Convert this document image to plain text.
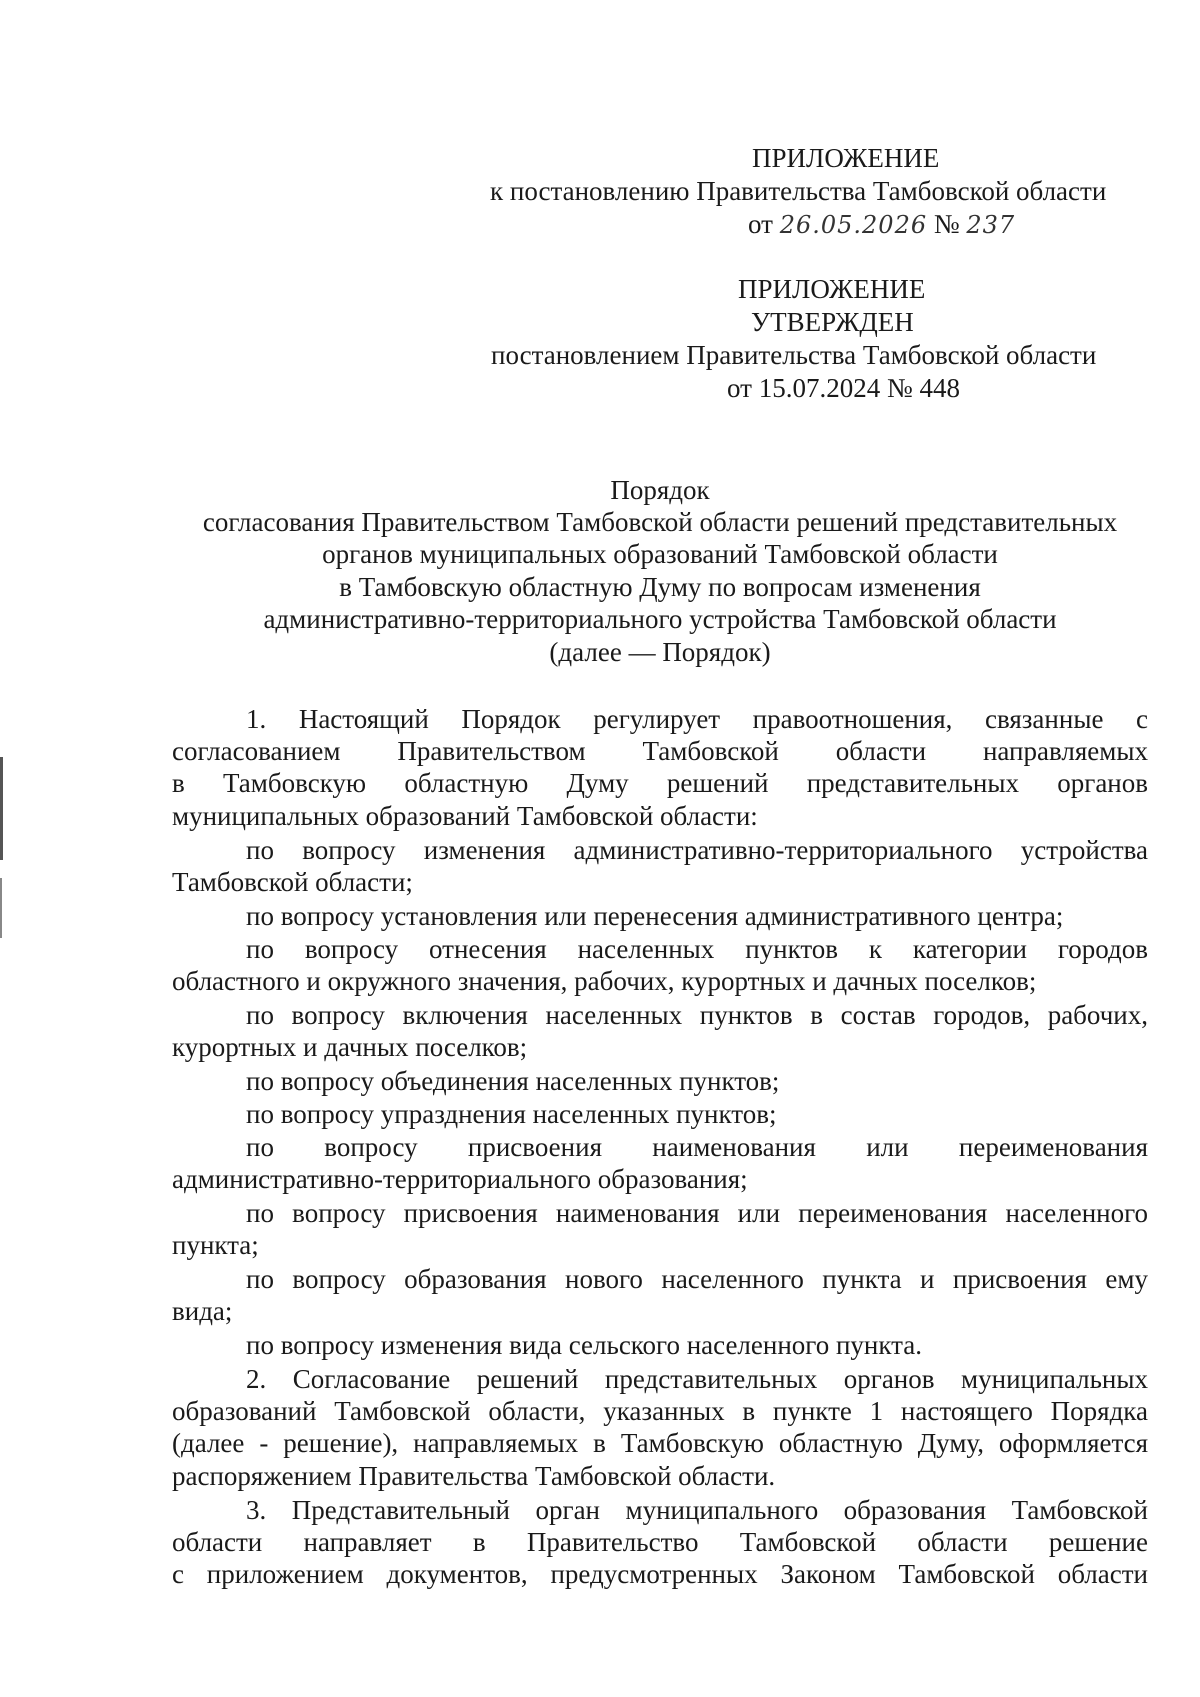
ПРИЛОЖЕНИЕ

к постановлению Правительства Тамбовской области

от 26.05.2026 № 237

ПРИЛОЖЕНИЕ

УТВЕРЖДЕН

постановлением Правительства Тамбовской области

от 15.07.2024 № 448

Порядок

согласования Правительством Тамбовской области решений представительных

органов муниципальных образований Тамбовской области

в Тамбовскую областную Думу по вопросам изменения

административно-территориального устройства Тамбовской области

(далее — Порядок)

1. Настоящий Порядок регулирует правоотношения, связанные с

согласованием Правительством Тамбовской области направляемых

в Тамбовскую областную Думу решений представительных органов

муниципальных образований Тамбовской области:

по вопросу изменения административно-территориального устройства

Тамбовской области;

по вопросу установления или перенесения административного центра;

по вопросу отнесения населенных пунктов к категории городов

областного и окружного значения, рабочих, курортных и дачных поселков;

по вопросу включения населенных пунктов в состав городов, рабочих,

курортных и дачных поселков;

по вопросу объединения населенных пунктов;

по вопросу упразднения населенных пунктов;

по вопросу присвоения наименования или переименования

административно-территориального образования;

по вопросу присвоения наименования или переименования населенного

пункта;

по вопросу образования нового населенного пункта и присвоения ему

вида;

по вопросу изменения вида сельского населенного пункта.

2. Согласование решений представительных органов муниципальных

образований Тамбовской области, указанных в пункте 1 настоящего Порядка

(далее - решение), направляемых в Тамбовскую областную Думу, оформляется

распоряжением Правительства Тамбовской области.

3. Представительный орган муниципального образования Тамбовской

области направляет в Правительство Тамбовской области решение

с приложением документов, предусмотренных Законом Тамбовской области
